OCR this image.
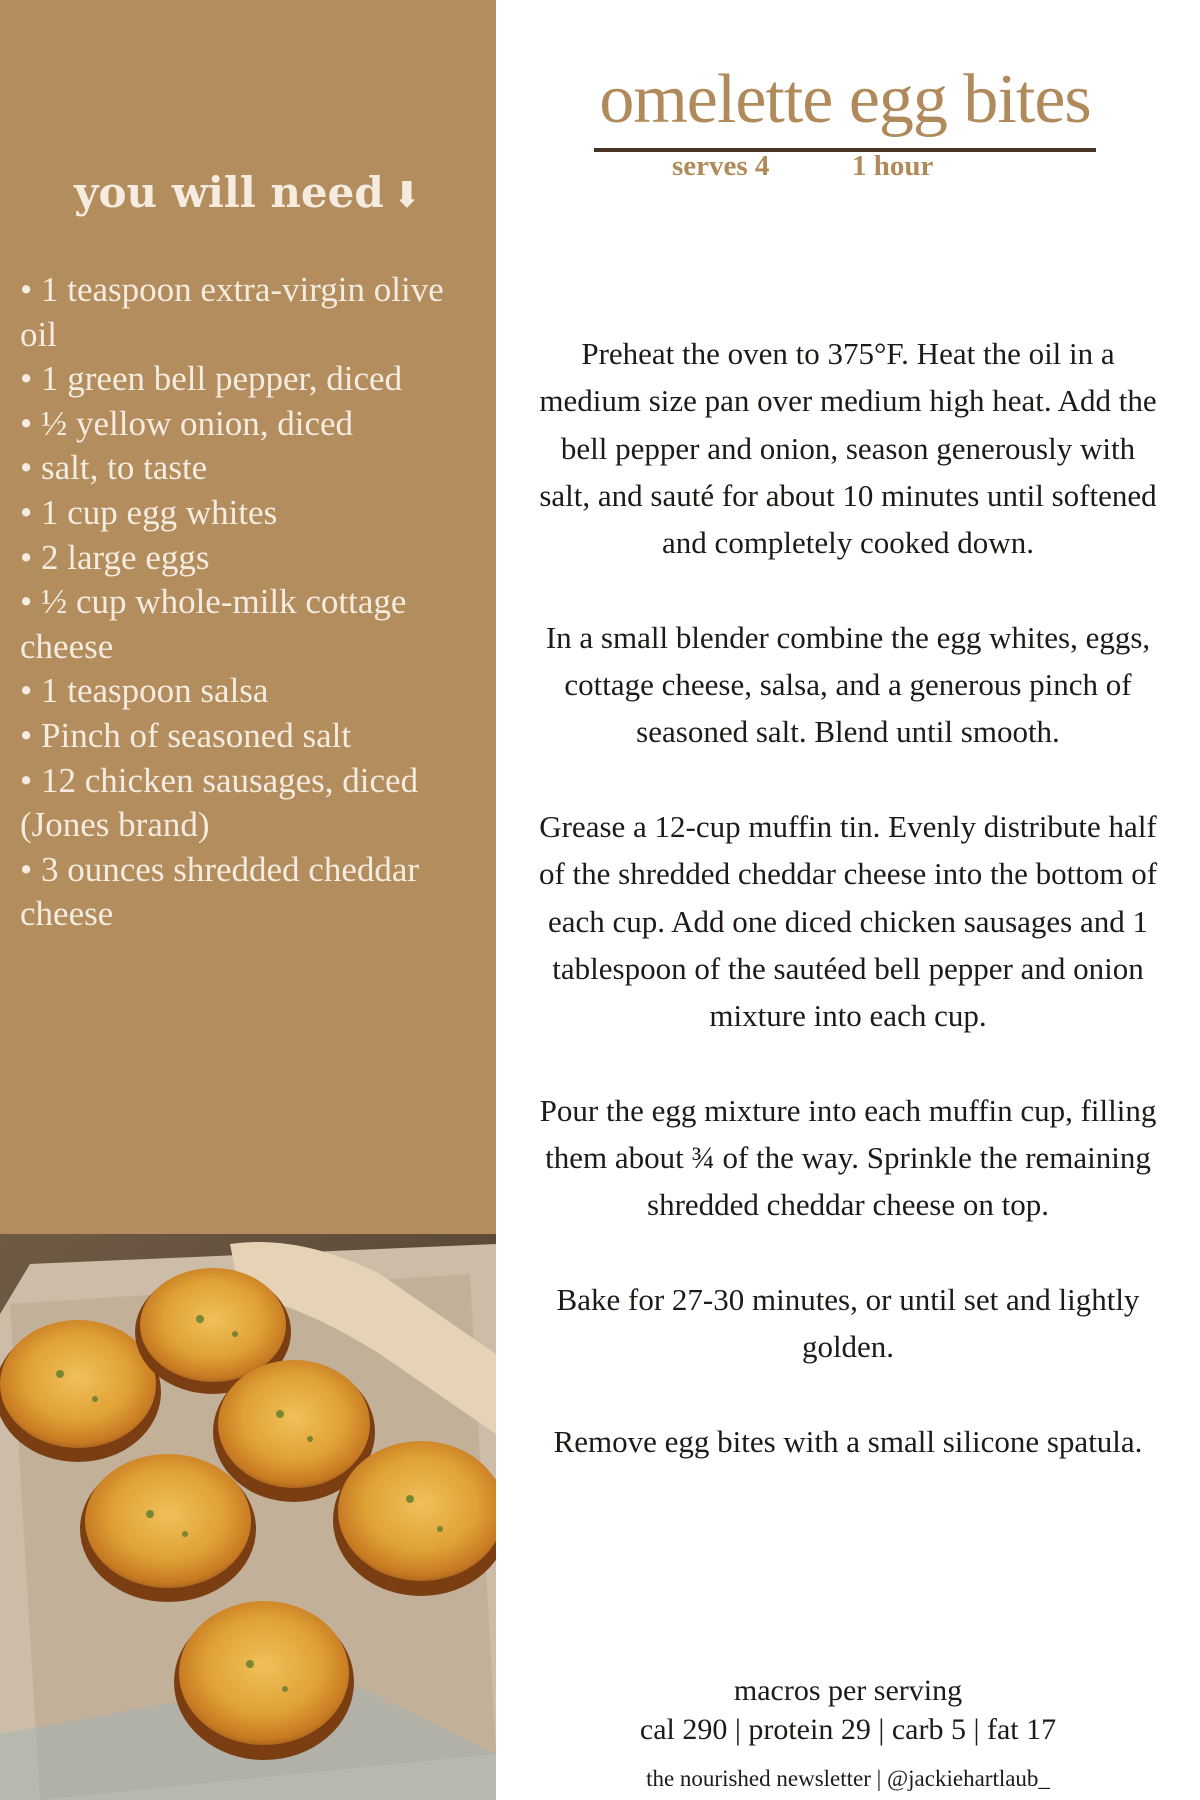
you will need ⬇
• 1 teaspoon extra-virgin olive oil
• 1 green bell pepper, diced
• ½ yellow onion, diced
• salt, to taste
• 1 cup egg whites
• 2 large eggs
• ½ cup whole-milk cottage cheese
• 1 teaspoon salsa
• Pinch of seasoned salt
• 12 chicken sausages, diced (Jones brand)
• 3 ounces shredded cheddar cheese
omelette egg bites
serves 4	1 hour

Preheat the oven to 375°F. Heat the oil in a medium size pan over medium high heat. Add the bell pepper and onion, season generously with salt, and sauté for about 10 minutes until softened and completely cooked down.

In a small blender combine the egg whites, eggs, cottage cheese, salsa, and a generous pinch of seasoned salt. Blend until smooth.

Grease a 12-cup muffin tin. Evenly distribute half of the shredded cheddar cheese into the bottom of each cup. Add one diced chicken sausages and 1 tablespoon of the sautéed bell pepper and onion mixture into each cup.

Pour the egg mixture into each muffin cup, filling them about ¾ of the way. Sprinkle the remaining shredded cheddar cheese on top.

Bake for 27-30 minutes, or until set and lightly golden.

Remove egg bites with a small silicone spatula.

macros per serving
cal 290 | protein 29 | carb 5 | fat 17
the nourished newsletter | @jackiehartlaub_
